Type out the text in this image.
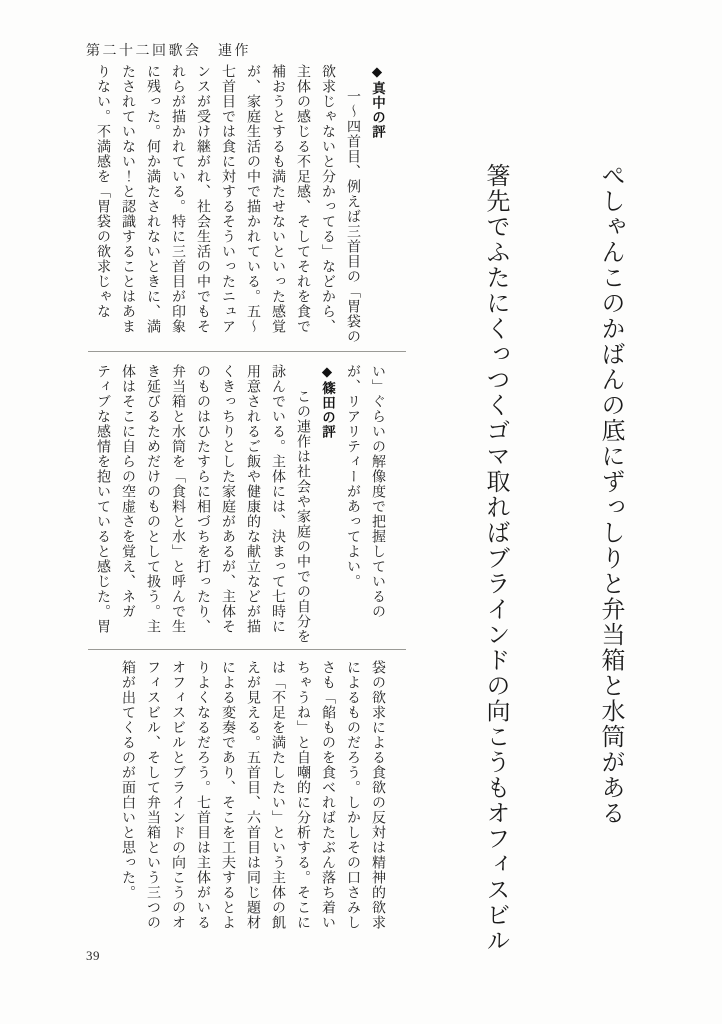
第二十二回歌会　連作
ぺしゃんこのかばんの底にずっしりと弁当箱と水筒がある
箸先でふたにくっつくゴマ取ればブラインドの向こうもオフィスビル
◆真中の評
一〜四首目、例えば三首目の「胃袋の
欲求じゃないと分かってる」などから、
主体の感じる不足感、そしてそれを食で
補おうとするも満たせないといった感覚
が、家庭生活の中で描かれている。五〜
七首目では食に対するそういったニュア
ンスが受け継がれ、社会生活の中でもそ
れらが描かれている。特に三首目が印象
に残った。何か満たされないときに、満
たされていない！と認識することはあま
りない。不満感を「胃袋の欲求じゃな
い」ぐらいの解像度で把握しているの
が、リアリティーがあってよい。
◆篠田の評
この連作は社会や家庭の中での自分を
詠んでいる。主体には、決まって七時に
用意されるご飯や健康的な献立などが描
くきっちりとした家庭があるが、主体そ
のものはひたすらに相づちを打ったり、
弁当箱と水筒を「食料と水」と呼んで生
き延びるためだけのものとして扱う。主
体はそこに自らの空虚さを覚え、ネガ
ティブな感情を抱いていると感じた。胃
袋の欲求による食欲の反対は精神的欲求
によるものだろう。しかしその口さみし
さも「餡ものを食べればたぶん落ち着い
ちゃうね」と自嘲的に分析する。そこに
は「不足を満たしたい」という主体の飢
えが見える。五首目、六首目は同じ題材
による変奏であり、そこを工夫するとよ
りよくなるだろう。七首目は主体がいる
オフィスビルとブラインドの向こうのオ
フィスビル、そして弁当箱という三つの
箱が出てくるのが面白いと思った。
39
